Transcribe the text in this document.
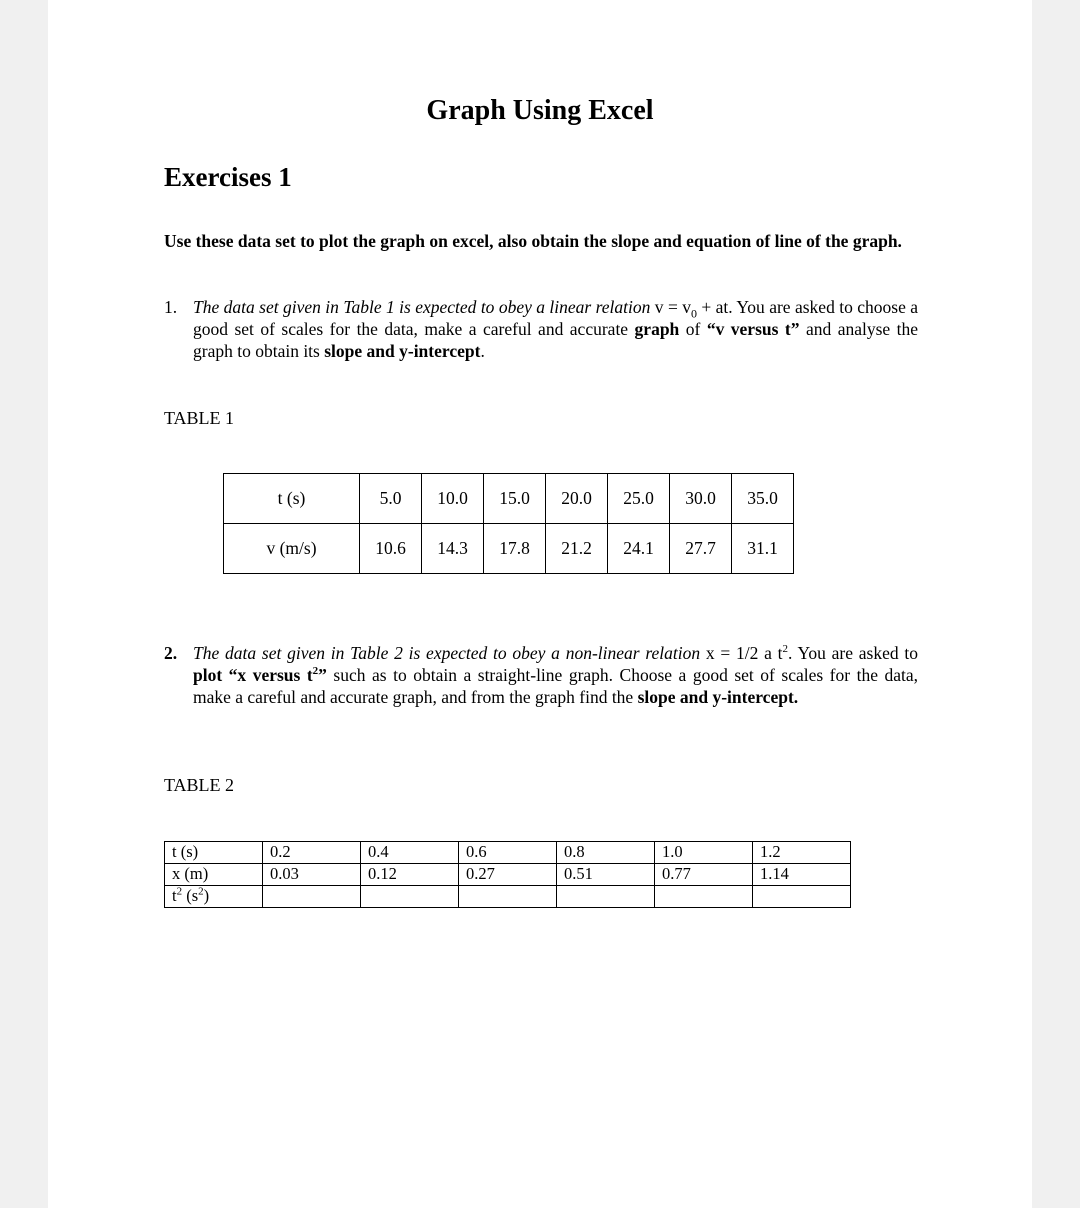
Graph Using Excel
Exercises 1
Use these data set to plot the graph on excel, also obtain the slope and equation of line of the graph.
1. The data set given in Table 1 is expected to obey a linear relation $v = v_0$ + at. You are asked to choose a good set of scales for the data, make a careful and accurate graph of “v versus t” and analyse the graph to obtain its slope and y-intercept.
TABLE 1
t (s)	5.0	10.0	15.0	20.0	25.0	30.0	35.0
v (m/s)	10.6	14.3	17.8	21.2	24.1	27.7	31.1
2. The data set given in Table 2 is expected to obey a non-linear relation x = 1/2 a $t^2$. You are asked to plot “x versus $t^2$” such as to obtain a straight-line graph. Choose a good set of scales for the data, make a careful and accurate graph, and from the graph find the slope and y-intercept.
TABLE 2
t (s)	0.2	0.4	0.6	0.8	1.0	1.2
x (m)	0.03	0.12	0.27	0.51	0.77	1.14
$t^2$ $(s^2)$						
